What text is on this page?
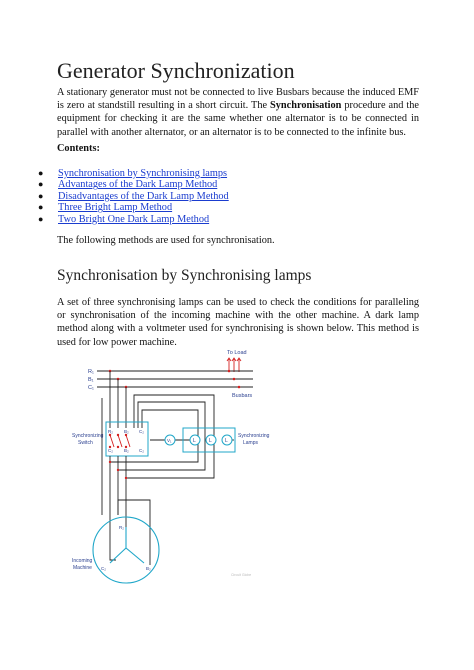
Generator Synchronization
A stationary generator must not be connected to live Busbars because the induced EMF is zero at standstill resulting in a short circuit. The Synchronisation procedure and the equipment for checking it are the same whether one alternator is to be connected in parallel with another alternator, or an alternator is to be connected to the infinite bus.
Contents:
● Synchronisation by Synchronising lamps
● Advantages of the Dark Lamp Method
● Disadvantages of the Dark Lamp Method
● Three Bright Lamp Method
● Two Bright One Dark Lamp Method
The following methods are used for synchronisation.
Synchronisation by Synchronising lamps
A set of three synchronising lamps can be used to check the conditions for paralleling or synchronisation of the incoming machine with the other machine. A dark lamp method along with a voltmeter used for synchronising is shown below. This method is used for low power machine.
To Load
Busbars
R₁
B₁
C₁
Synchronizing
Switch
R₂ B₂ C₂
C₂ B₂ C₂
V₁	L	L	L
Synchronizing
Lamps
R₂
C₂	B₂
Incoming
Machine
Circuit Globe
